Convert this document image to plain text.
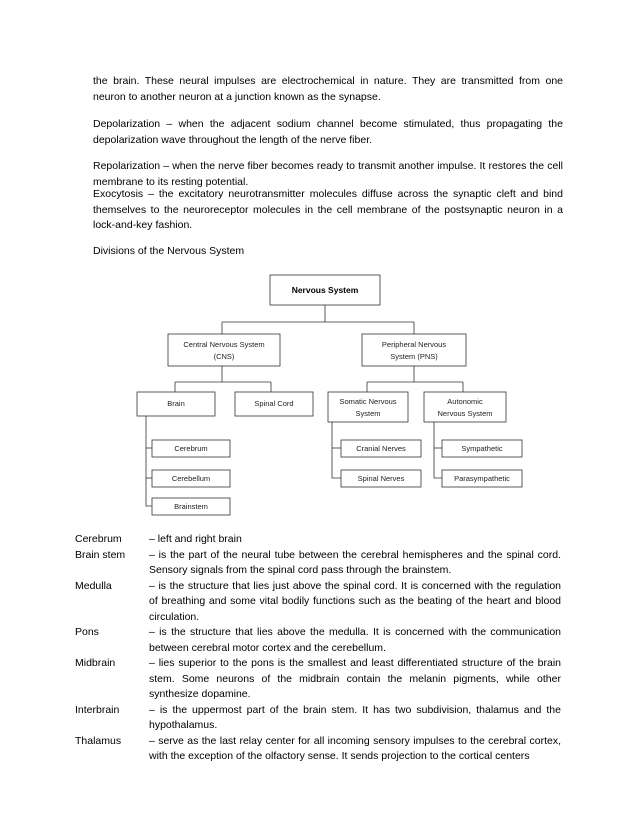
the brain. These neural impulses are electrochemical in nature. They are transmitted from one neuron to another neuron at a junction known as the synapse.

Depolarization – when the adjacent sodium channel become stimulated, thus propagating the depolarization wave throughout the length of the nerve fiber.

Repolarization – when the nerve fiber becomes ready to transmit another impulse. It restores the cell membrane to its resting potential.

Exocytosis – the excitatory neurotransmitter molecules diffuse across the synaptic cleft and bind themselves to the neuroreceptor molecules in the cell membrane of the postsynaptic neuron in a lock-and-key fashion.

Divisions of the Nervous System

Nervous System
Central Nervous System
(CNS)
Peripheral Nervous
System (PNS)
Brain	Spinal Cord	Somatic Nervous
System
Autonomic
Nervous System
Cerebrum
Cerebellum
Brainstem
Cranial Nerves
Spinal Nerves
Sympathetic
Parasympathetic
Cerebrum	– left and right brain
Brain stem	– is the part of the neural tube between the cerebral hemispheres and the spinal cord. Sensory signals from the spinal cord pass through the brainstem.
Medulla	– is the structure that lies just above the spinal cord. It is concerned with the regulation of breathing and some vital bodily functions such as the beating of the heart and blood circulation.
Pons	– is the structure that lies above the medulla. It is concerned with the communication between cerebral motor cortex and the cerebellum.
Midbrain	– lies superior to the pons is the smallest and least differentiated structure of the brain stem. Some neurons of the midbrain contain the melanin pigments, while other synthesize dopamine.
Interbrain	– is the uppermost part of the brain stem. It has two subdivision, thalamus and the hypothalamus.
Thalamus	– serve as the last relay center for all incoming sensory impulses to the cerebral cortex, with the exception of the olfactory sense. It sends projection to the cortical centers
